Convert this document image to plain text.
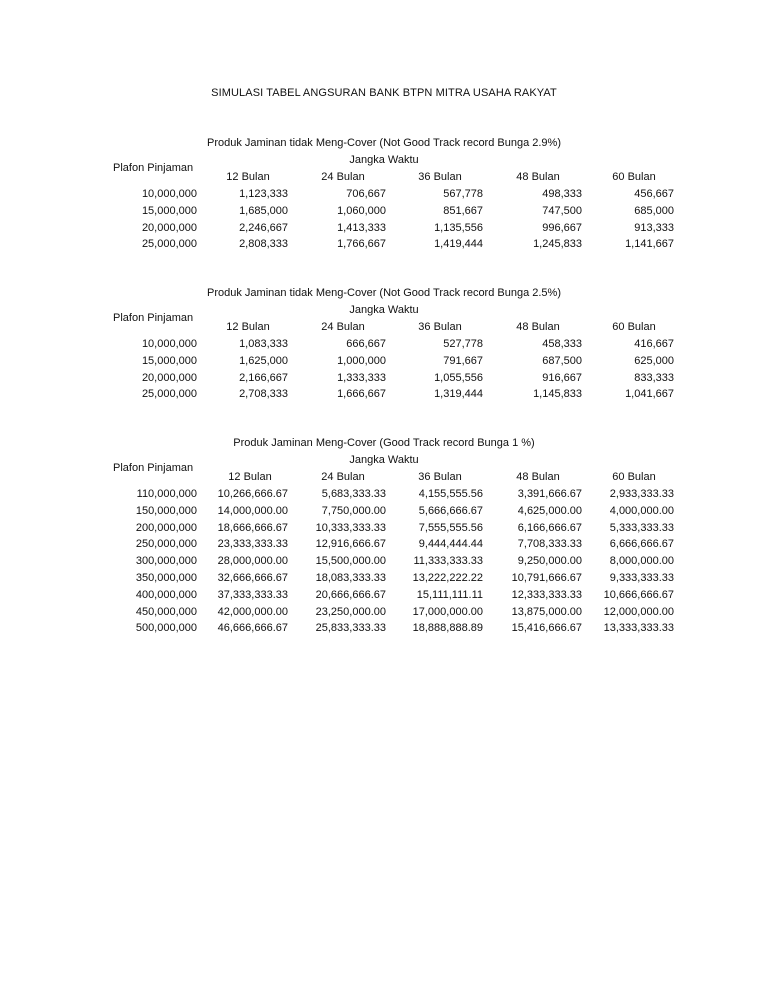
SIMULASI TABEL ANGSURAN BANK BTPN MITRA USAHA RAKYAT
Produk Jaminan tidak Meng-Cover (Not Good Track record Bunga 2.9%)
Jangka Waktu
Plafon Pinjaman
12 Bulan	24 Bulan	36 Bulan	48 Bulan	60 Bulan
10,000,000	1,123,333	706,667	567,778	498,333	456,667
15,000,000	1,685,000	1,060,000	851,667	747,500	685,000
20,000,000	2,246,667	1,413,333	1,135,556	996,667	913,333
25,000,000	2,808,333	1,766,667	1,419,444	1,245,833	1,141,667
Produk Jaminan tidak Meng-Cover (Not Good Track record Bunga 2.5%)
Jangka Waktu
Plafon Pinjaman
12 Bulan	24 Bulan	36 Bulan	48 Bulan	60 Bulan
10,000,000	1,083,333	666,667	527,778	458,333	416,667
15,000,000	1,625,000	1,000,000	791,667	687,500	625,000
20,000,000	2,166,667	1,333,333	1,055,556	916,667	833,333
25,000,000	2,708,333	1,666,667	1,319,444	1,145,833	1,041,667
Produk Jaminan Meng-Cover (Good Track record Bunga 1 %)
Jangka Waktu
Plafon Pinjaman
12 Bulan	24 Bulan	36 Bulan	48 Bulan	60 Bulan
110,000,000 10,266,666.67	5,683,333.33	4,155,555.56	3,391,666.67	2,933,333.33
150,000,000 14,000,000.00	7,750,000.00	5,666,666.67	4,625,000.00	4,000,000.00
200,000,000 18,666,666.67	10,333,333.33	7,555,555.56	6,166,666.67	5,333,333.33
250,000,000 23,333,333.33	12,916,666.67	9,444,444.44	7,708,333.33	6,666,666.67
300,000,000 28,000,000.00	15,500,000.00 11,333,333.33	9,250,000.00	8,000,000.00
350,000,000 32,666,666.67	18,083,333.33 13,222,222.22	10,791,666.67	9,333,333.33
400,000,000 37,333,333.33	20,666,666.67	15,111,111.11	12,333,333.33 10,666,666.67
450,000,000 42,000,000.00	23,250,000.00 17,000,000.00	13,875,000.00 12,000,000.00
500,000,000 46,666,666.67	25,833,333.33 18,888,888.89	15,416,666.67 13,333,333.33
